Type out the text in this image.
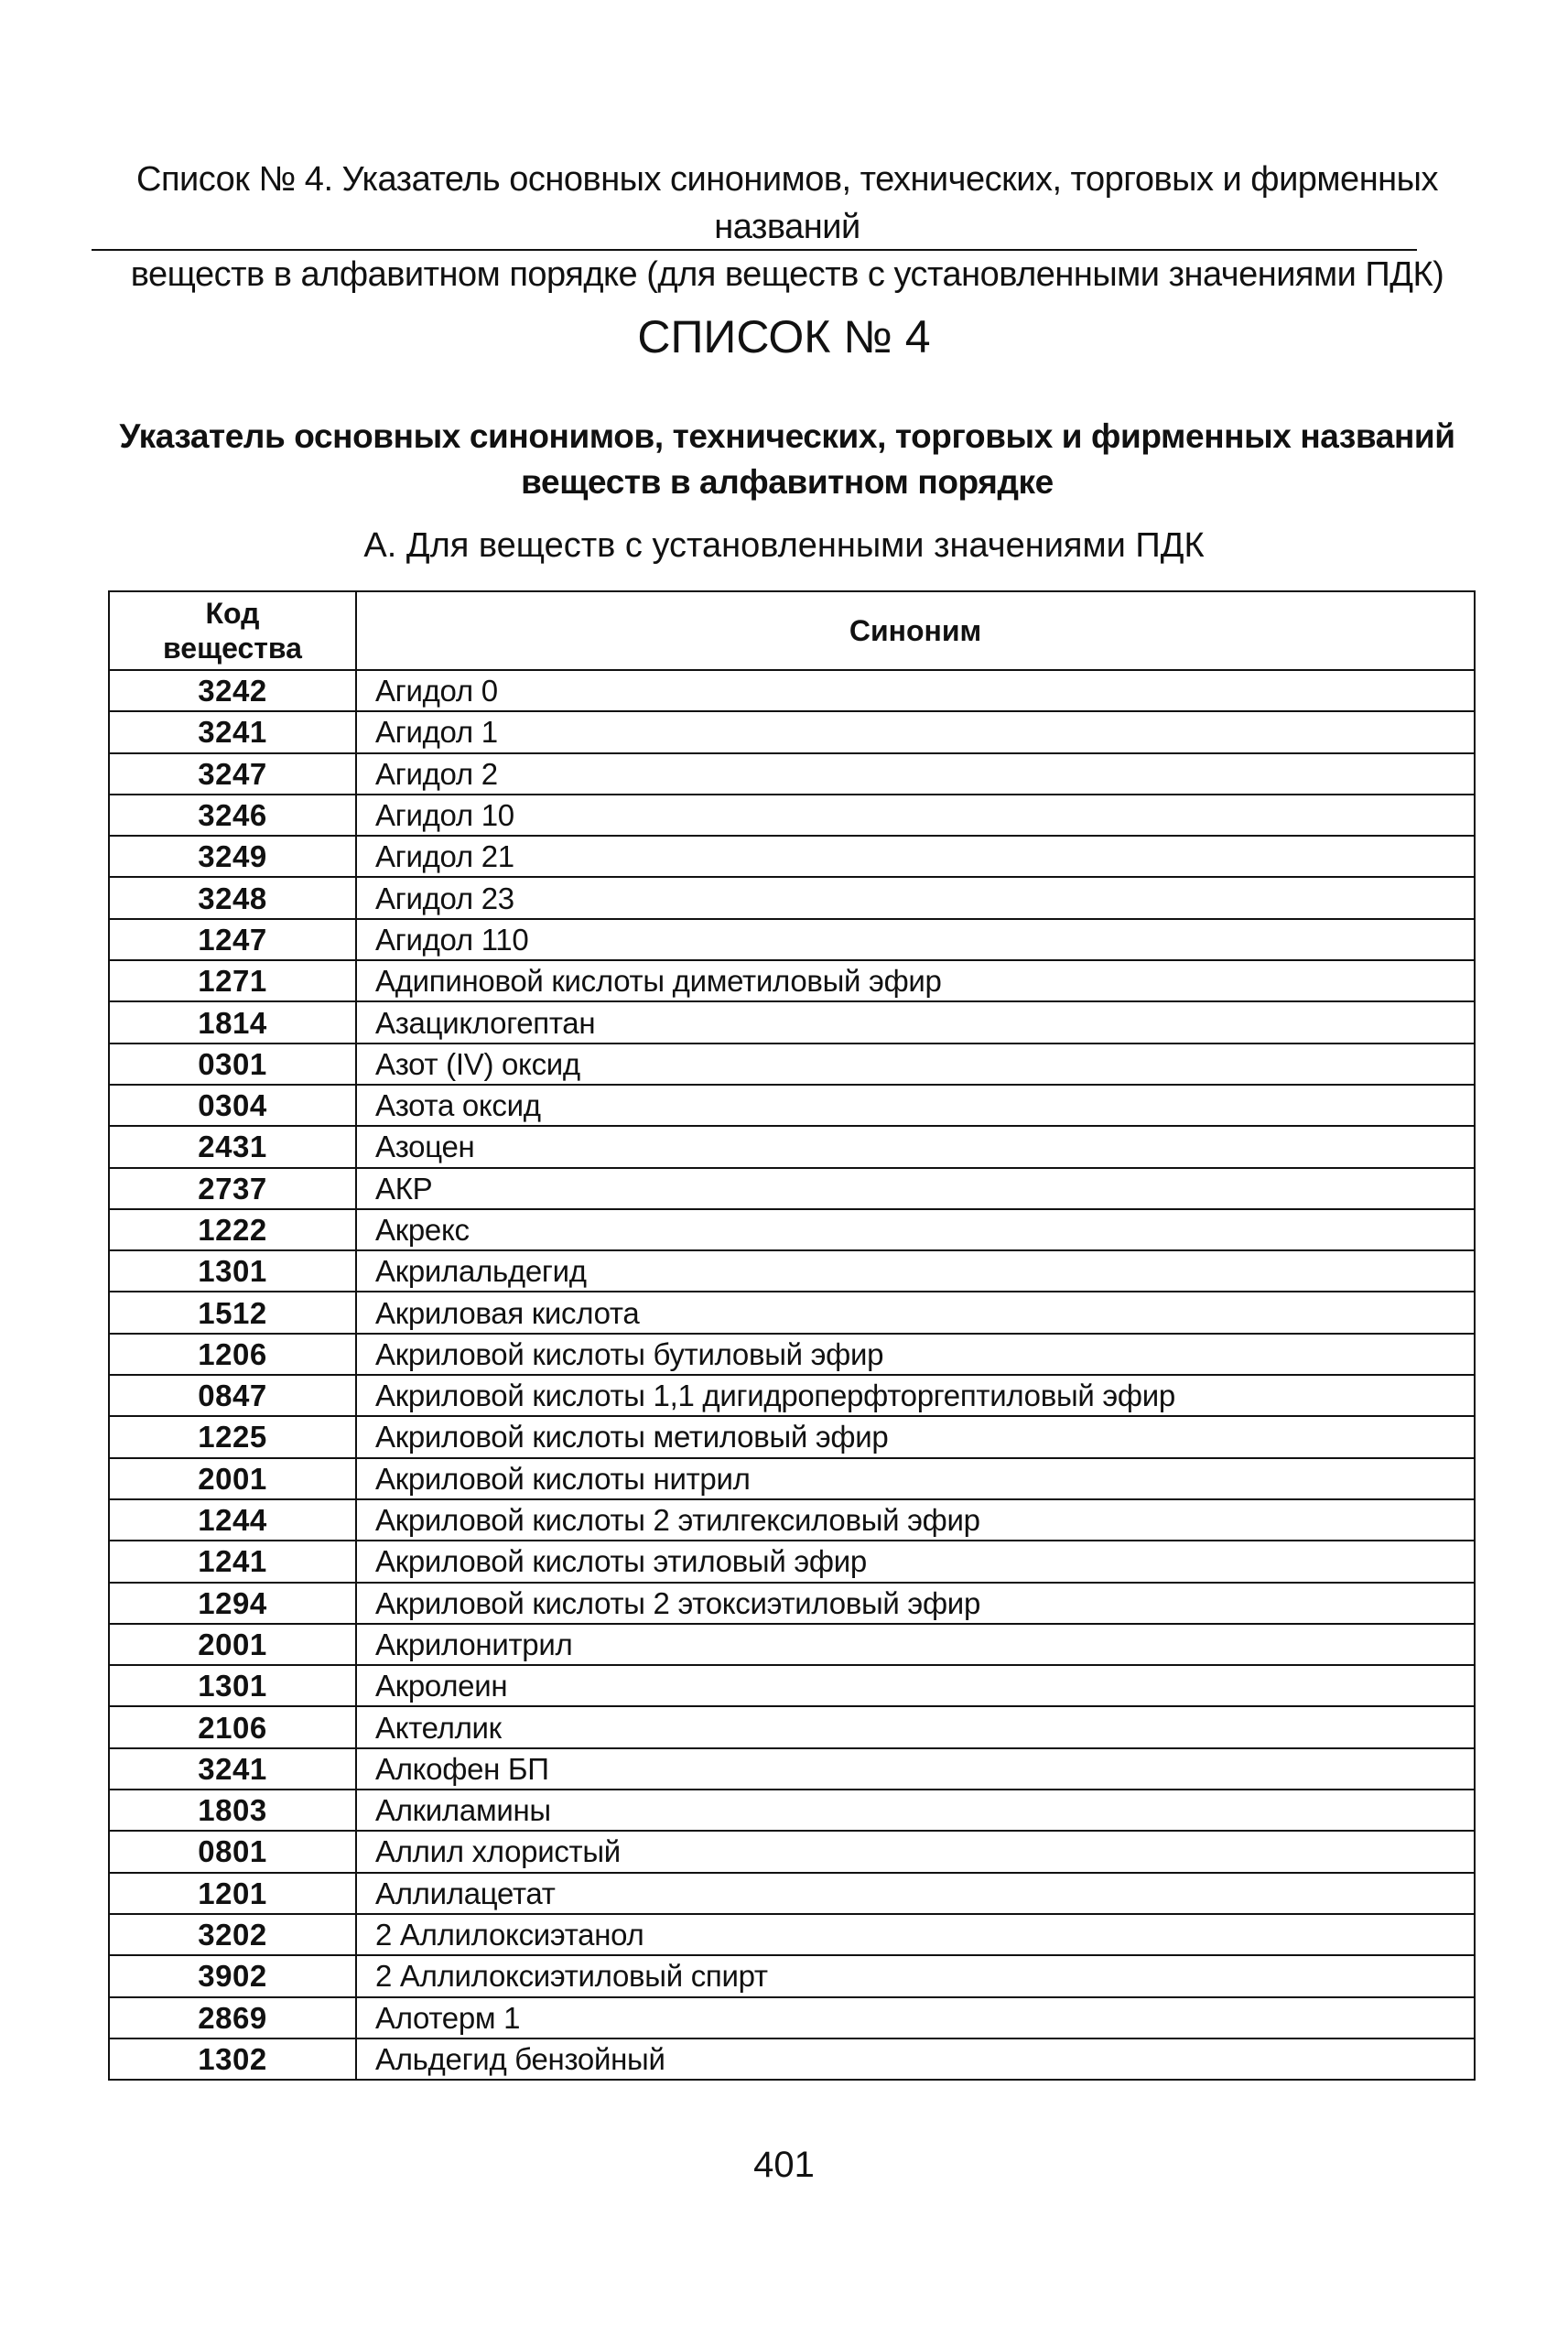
Список № 4. Указатель основных синонимов, технических, торговых и фирменных названий
веществ в алфавитном порядке (для веществ с установленными значениями ПДК)
СПИСОК № 4
Указатель основных синонимов, технических, торговых и фирменных названий
веществ в алфавитном порядке
А. Для веществ с установленными значениями ПДК
Код
вещества	Синоним
3242	Агидол 0
3241	Агидол 1
3247	Агидол 2
3246	Агидол 10
3249	Агидол 21
3248	Агидол 23
1247	Агидол 110
1271	Адипиновой кислоты диметиловый эфир
1814	Азациклогептан
0301	Азот (IV) оксид
0304	Азота оксид
2431	Азоцен
2737	АКР
1222	Акрекс
1301	Акрилальдегид
1512	Акриловая кислота
1206	Акриловой кислоты бутиловый эфир
0847	Акриловой кислоты 1,1 дигидроперфторгептиловый эфир
1225	Акриловой кислоты метиловый эфир
2001	Акриловой кислоты нитрил
1244	Акриловой кислоты 2 этилгексиловый эфир
1241	Акриловой кислоты этиловый эфир
1294	Акриловой кислоты 2 этоксиэтиловый эфир
2001	Акрилонитрил
1301	Акролеин
2106	Актеллик
3241	Алкофен БП
1803	Алкиламины
0801	Аллил хлористый
1201	Аллилацетат
3202	2 Аллилоксиэтанол
3902	2 Аллилоксиэтиловый спирт
2869	Алотерм 1
1302	Альдегид бензойный
401
